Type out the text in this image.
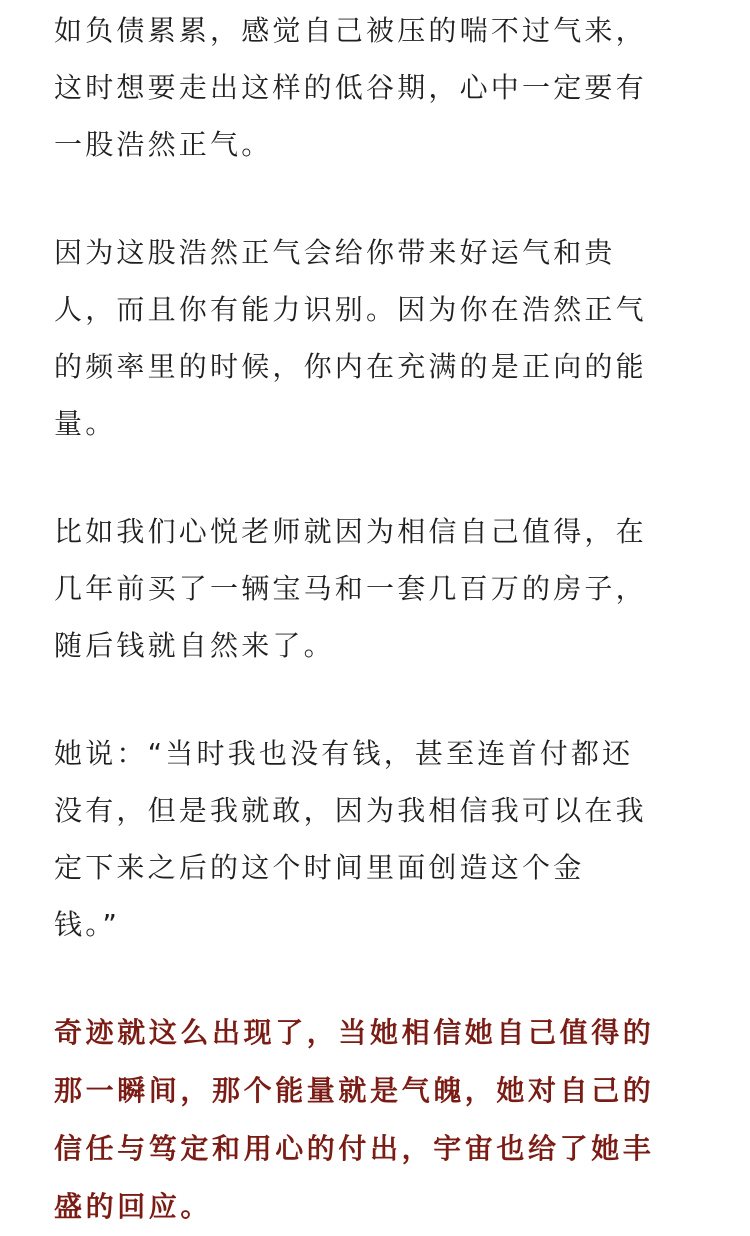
如负债累累，感觉自己被压的喘不过气来，
这时想要走出这样的低谷期，心中一定要有
一股浩然正气。
因为这股浩然正气会给你带来好运气和贵
人，而且你有能力识别。因为你在浩然正气
的频率里的时候，你内在充满的是正向的能
量。
比如我们心悦老师就因为相信自己值得，在
几年前买了一辆宝马和一套几百万的房子，
随后钱就自然来了。
她说：“当时我也没有钱，甚至连首付都还
没有，但是我就敢，因为我相信我可以在我
定下来之后的这个时间里面创造这个金
钱。”
奇迹就这么出现了，当她相信她自己值得的
那一瞬间，那个能量就是气魄，她对自己的
信任与笃定和用心的付出，宇宙也给了她丰
盛的回应。
